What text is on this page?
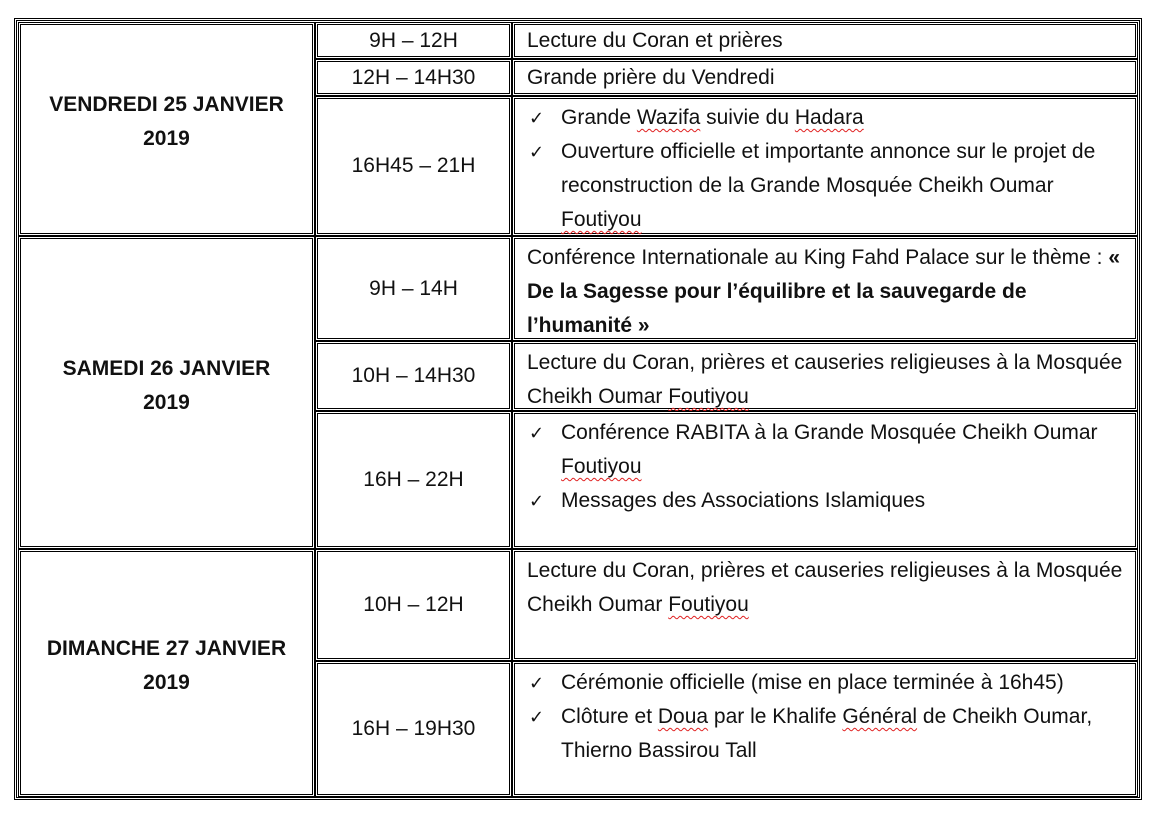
VENDREDI 25 JANVIER
2019
9H – 12H	Lecture du Coran et prières
12H – 14H30	Grande prière du Vendredi
16H45 – 21H
✓ Grande Wazifa suivie du Hadara
✓ Ouverture officielle et importante annonce sur le projet de reconstruction de la Grande Mosquée Cheikh Oumar Foutiyou
SAMEDI 26 JANVIER
2019
9H – 14H
Conférence Internationale au King Fahd Palace sur le thème : « De la Sagesse pour l’équilibre et la sauvegarde de l’humanité »
10H – 14H30
Lecture du Coran, prières et causeries religieuses à la Mosquée Cheikh Oumar Foutiyou
16H – 22H
✓ Conférence RABITA à la Grande Mosquée Cheikh Oumar Foutiyou
✓ Messages des Associations Islamiques
DIMANCHE 27 JANVIER
2019
10H – 12H
Lecture du Coran, prières et causeries religieuses à la Mosquée Cheikh Oumar Foutiyou
16H – 19H30
✓ Cérémonie officielle (mise en place terminée à 16h45)
✓ Clôture et Doua par le Khalife Général de Cheikh Oumar, Thierno Bassirou Tall
